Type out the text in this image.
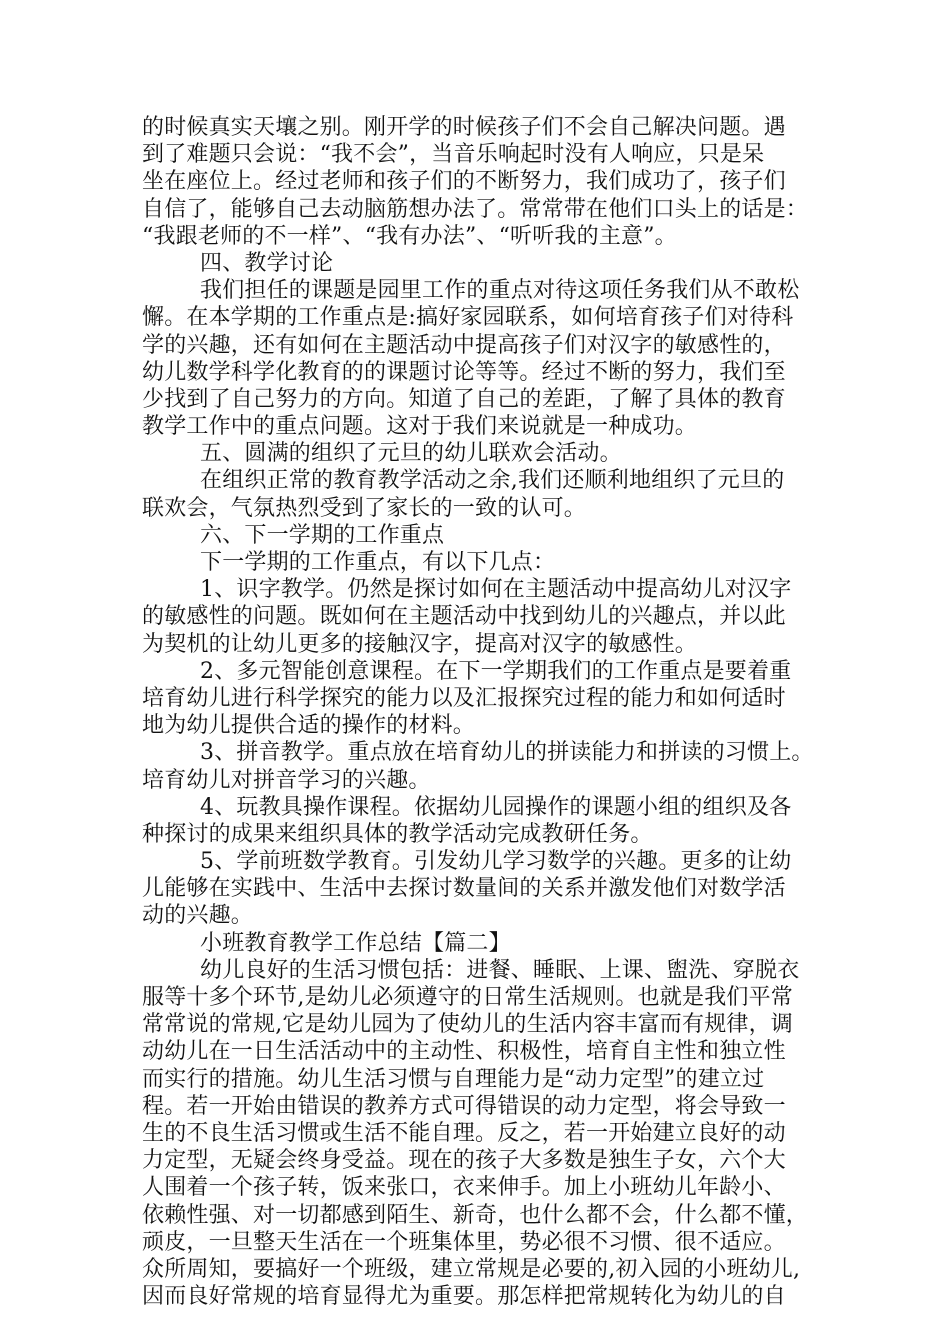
的时候真实天壤之别。刚开学的时候孩子们不会自己解决问题。遇

到了难题只会说：“我不会”，当音乐响起时没有人响应，只是呆

坐在座位上。经过老师和孩子们的不断努力，我们成功了，孩子们

自信了，能够自己去动脑筋想办法了。常常带在他们口头上的话是：

“我跟老师的不一样”、“我有办法”、“听听我的主意”。

四、教学讨论

我们担任的课题是园里工作的重点对待这项任务我们从不敢松

懈。在本学期的工作重点是:搞好家园联系，如何培育孩子们对待科

学的兴趣，还有如何在主题活动中提高孩子们对汉字的敏感性的，

幼儿数学科学化教育的的课题讨论等等。经过不断的努力，我们至

少找到了自己努力的方向。知道了自己的差距，了解了具体的教育

教学工作中的重点问题。这对于我们来说就是一种成功。

五、圆满的组织了元旦的幼儿联欢会活动。

在组织正常的教育教学活动之余,我们还顺利地组织了元旦的

联欢会，气氛热烈受到了家长的一致的认可。

六、下一学期的工作重点

下一学期的工作重点，有以下几点：

1、识字教学。仍然是探讨如何在主题活动中提高幼儿对汉字

的敏感性的问题。既如何在主题活动中找到幼儿的兴趣点，并以此

为契机的让幼儿更多的接触汉字，提高对汉字的敏感性。

2、多元智能创意课程。在下一学期我们的工作重点是要着重

培育幼儿进行科学探究的能力以及汇报探究过程的能力和如何适时

地为幼儿提供合适的操作的材料。

3、拼音教学。重点放在培育幼儿的拼读能力和拼读的习惯上。

培育幼儿对拼音学习的兴趣。

4、玩教具操作课程。依据幼儿园操作的课题小组的组织及各

种探讨的成果来组织具体的教学活动完成教研任务。

5、学前班数学教育。引发幼儿学习数学的兴趣。更多的让幼

儿能够在实践中、生活中去探讨数量间的关系并激发他们对数学活

动的兴趣。

小班教育教学工作总结【篇二】

幼儿良好的生活习惯包括：进餐、睡眠、上课、盥洗、穿脱衣

服等十多个环节,是幼儿必须遵守的日常生活规则。也就是我们平常

常常说的常规,它是幼儿园为了使幼儿的生活内容丰富而有规律，调

动幼儿在一日生活活动中的主动性、积极性，培育自主性和独立性

而实行的措施。幼儿生活习惯与自理能力是“动力定型”的建立过

程。若一开始由错误的教养方式可得错误的动力定型，将会导致一

生的不良生活习惯或生活不能自理。反之，若一开始建立良好的动

力定型，无疑会终身受益。现在的孩子大多数是独生子女，六个大

人围着一个孩子转，饭来张口，衣来伸手。加上小班幼儿年龄小、

依赖性强、对一切都感到陌生、新奇，也什么都不会，什么都不懂，

顽皮，一旦整天生活在一个班集体里，势必很不习惯、很不适应。

众所周知，要搞好一个班级，建立常规是必要的,初入园的小班幼儿,

因而良好常规的培育显得尤为重要。那怎样把常规转化为幼儿的自
